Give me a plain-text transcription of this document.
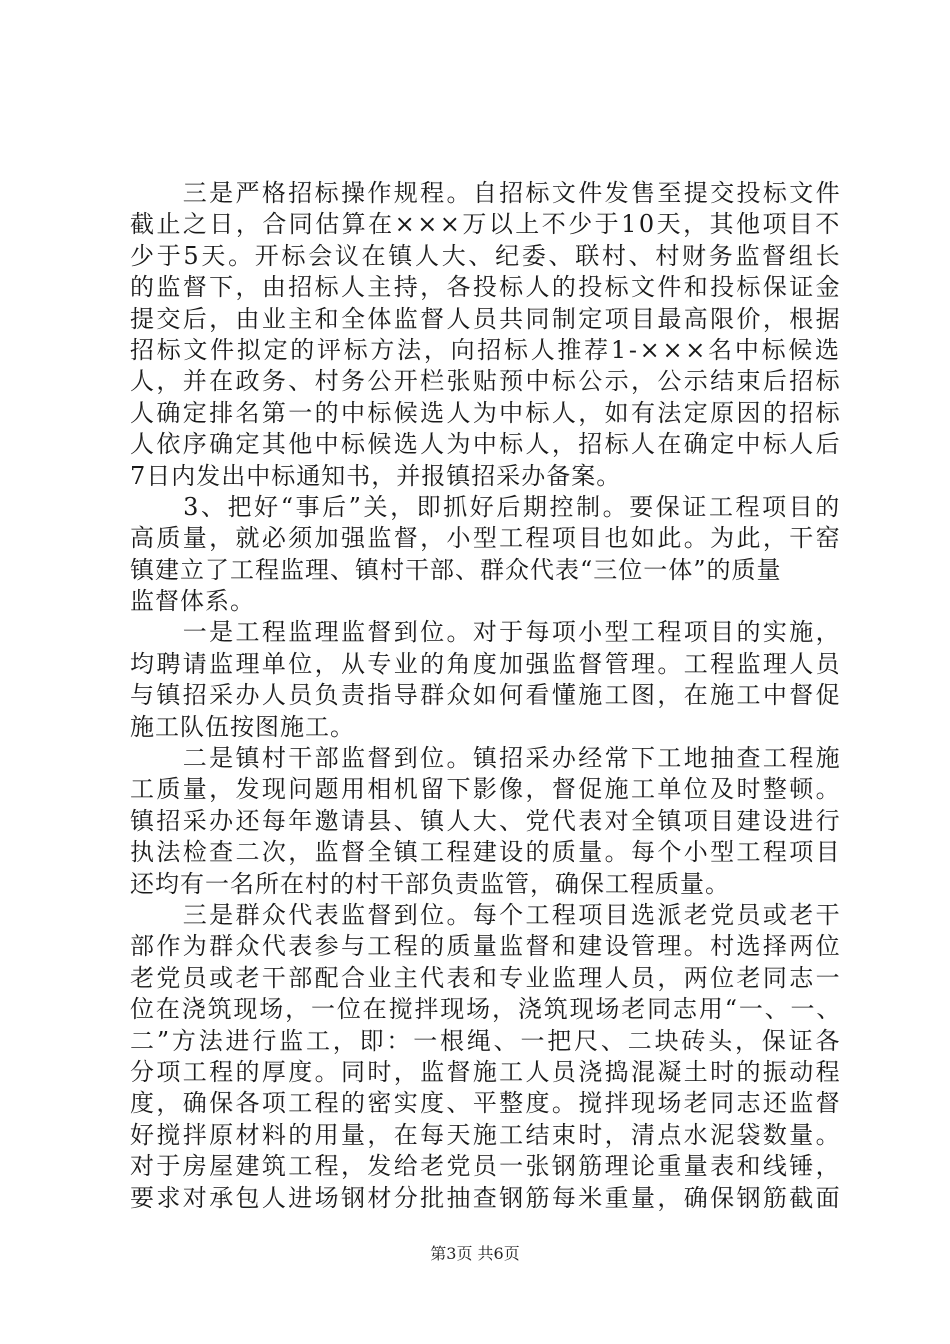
　　三是严格招标操作规程。自招标文件发售至提交投标文件
截止之日，合同估算在×××万以上不少于10天，其他项目不
少于5天。开标会议在镇人大、纪委、联村、村财务监督组长
的监督下，由招标人主持，各投标人的投标文件和投标保证金
提交后，由业主和全体监督人员共同制定项目最高限价，根据
招标文件拟定的评标方法，向招标人推荐1-×××名中标候选
人，并在政务、村务公开栏张贴预中标公示，公示结束后招标
人确定排名第一的中标候选人为中标人，如有法定原因的招标
人依序确定其他中标候选人为中标人，招标人在确定中标人后
7日内发出中标通知书，并报镇招采办备案。
　　3、把好“事后”关，即抓好后期控制。要保证工程项目的
高质量，就必须加强监督，小型工程项目也如此。为此，干窑
镇建立了工程监理、镇村干部、群众代表“三位一体”的质量
监督体系。
　　一是工程监理监督到位。对于每项小型工程项目的实施，
均聘请监理单位，从专业的角度加强监督管理。工程监理人员
与镇招采办人员负责指导群众如何看懂施工图，在施工中督促
施工队伍按图施工。
　　二是镇村干部监督到位。镇招采办经常下工地抽查工程施
工质量，发现问题用相机留下影像，督促施工单位及时整顿。
镇招采办还每年邀请县、镇人大、党代表对全镇项目建设进行
执法检查二次，监督全镇工程建设的质量。每个小型工程项目
还均有一名所在村的村干部负责监管，确保工程质量。
　　三是群众代表监督到位。每个工程项目选派老党员或老干
部作为群众代表参与工程的质量监督和建设管理。村选择两位
老党员或老干部配合业主代表和专业监理人员，两位老同志一
位在浇筑现场，一位在搅拌现场，浇筑现场老同志用“一、一、
二”方法进行监工，即：一根绳、一把尺、二块砖头，保证各
分项工程的厚度。同时，监督施工人员浇捣混凝土时的振动程
度，确保各项工程的密实度、平整度。搅拌现场老同志还监督
好搅拌原材料的用量，在每天施工结束时，清点水泥袋数量。
对于房屋建筑工程，发给老党员一张钢筋理论重量表和线锤，
要求对承包人进场钢材分批抽查钢筋每米重量，确保钢筋截面
第3页 共6页
